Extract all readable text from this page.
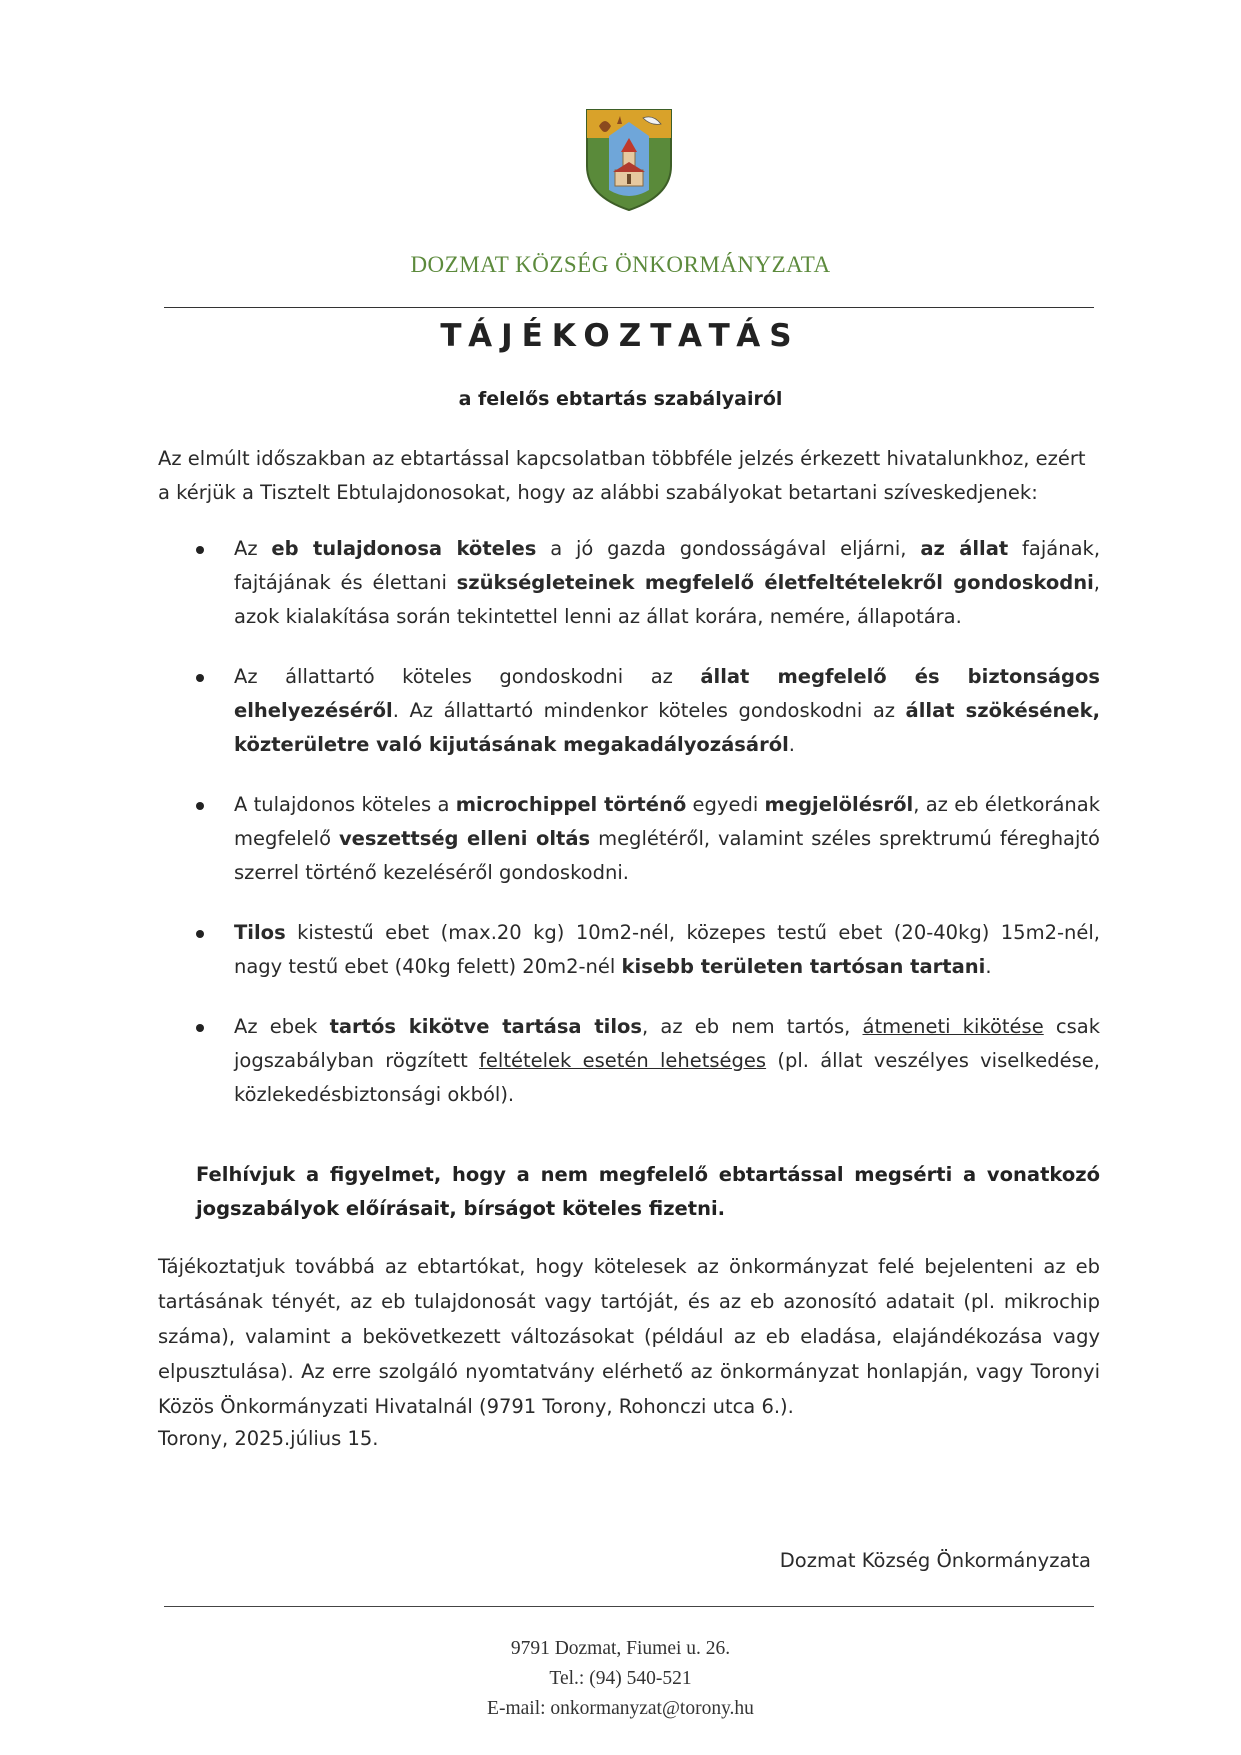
DOZMAT KÖZSÉG ÖNKORMÁNYZATA
TÁJÉKOZTATÁS
a felelős ebtartás szabályairól
Az elmúlt időszakban az ebtartással kapcsolatban többféle jelzés érkezett hivatalunkhoz, ezért a kérjük a Tisztelt Ebtulajdonosokat, hogy az alábbi szabályokat betartani szíveskedjenek:
Az eb tulajdonosa köteles a jó gazda gondosságával eljárni, az állat fajának, fajtájának és élettani szükségleteinek megfelelő életfeltételekről gondoskodni, azok kialakítása során tekintettel lenni az állat korára, nemére, állapotára.
Az állattartó köteles gondoskodni az állat megfelelő és biztonságos elhelyezéséről. Az állattartó mindenkor köteles gondoskodni az állat szökésének, közterületre való kijutásának megakadályozásáról.
A tulajdonos köteles a microchippel történő egyedi megjelölésről, az eb életkorának megfelelő veszettség elleni oltás meglétéről, valamint széles sprektrumú féreghajtó szerrel történő kezeléséről gondoskodni.
Tilos kistestű ebet (max.20 kg) 10m2-nél, közepes testű ebet (20-40kg) 15m2-nél, nagy testű ebet (40kg felett) 20m2-nél kisebb területen tartósan tartani.
Az ebek tartós kikötve tartása tilos, az eb nem tartós, átmeneti kikötése csak jogszabályban rögzített feltételek esetén lehetséges (pl. állat veszélyes viselkedése, közlekedésbiztonsági okból).
Felhívjuk a figyelmet, hogy a nem megfelelő ebtartással megsérti a vonatkozó jogszabályok előírásait, bírságot köteles fizetni.
Tájékoztatjuk továbbá az ebtartókat, hogy kötelesek az önkormányzat felé bejelenteni az eb tartásának tényét, az eb tulajdonosát vagy tartóját, és az eb azonosító adatait (pl. mikrochip száma), valamint a bekövetkezett változásokat (például az eb eladása, elajándékozása vagy elpusztulása). Az erre szolgáló nyomtatvány elérhető az önkormányzat honlapján, vagy Toronyi Közös Önkormányzati Hivatalnál (9791 Torony, Rohonczi utca 6.).
Torony, 2025.július 15.
Dozmat Község Önkormányzata
9791 Dozmat, Fiumei u. 26.
Tel.: (94) 540-521
E-mail: onkormanyzat@torony.hu
